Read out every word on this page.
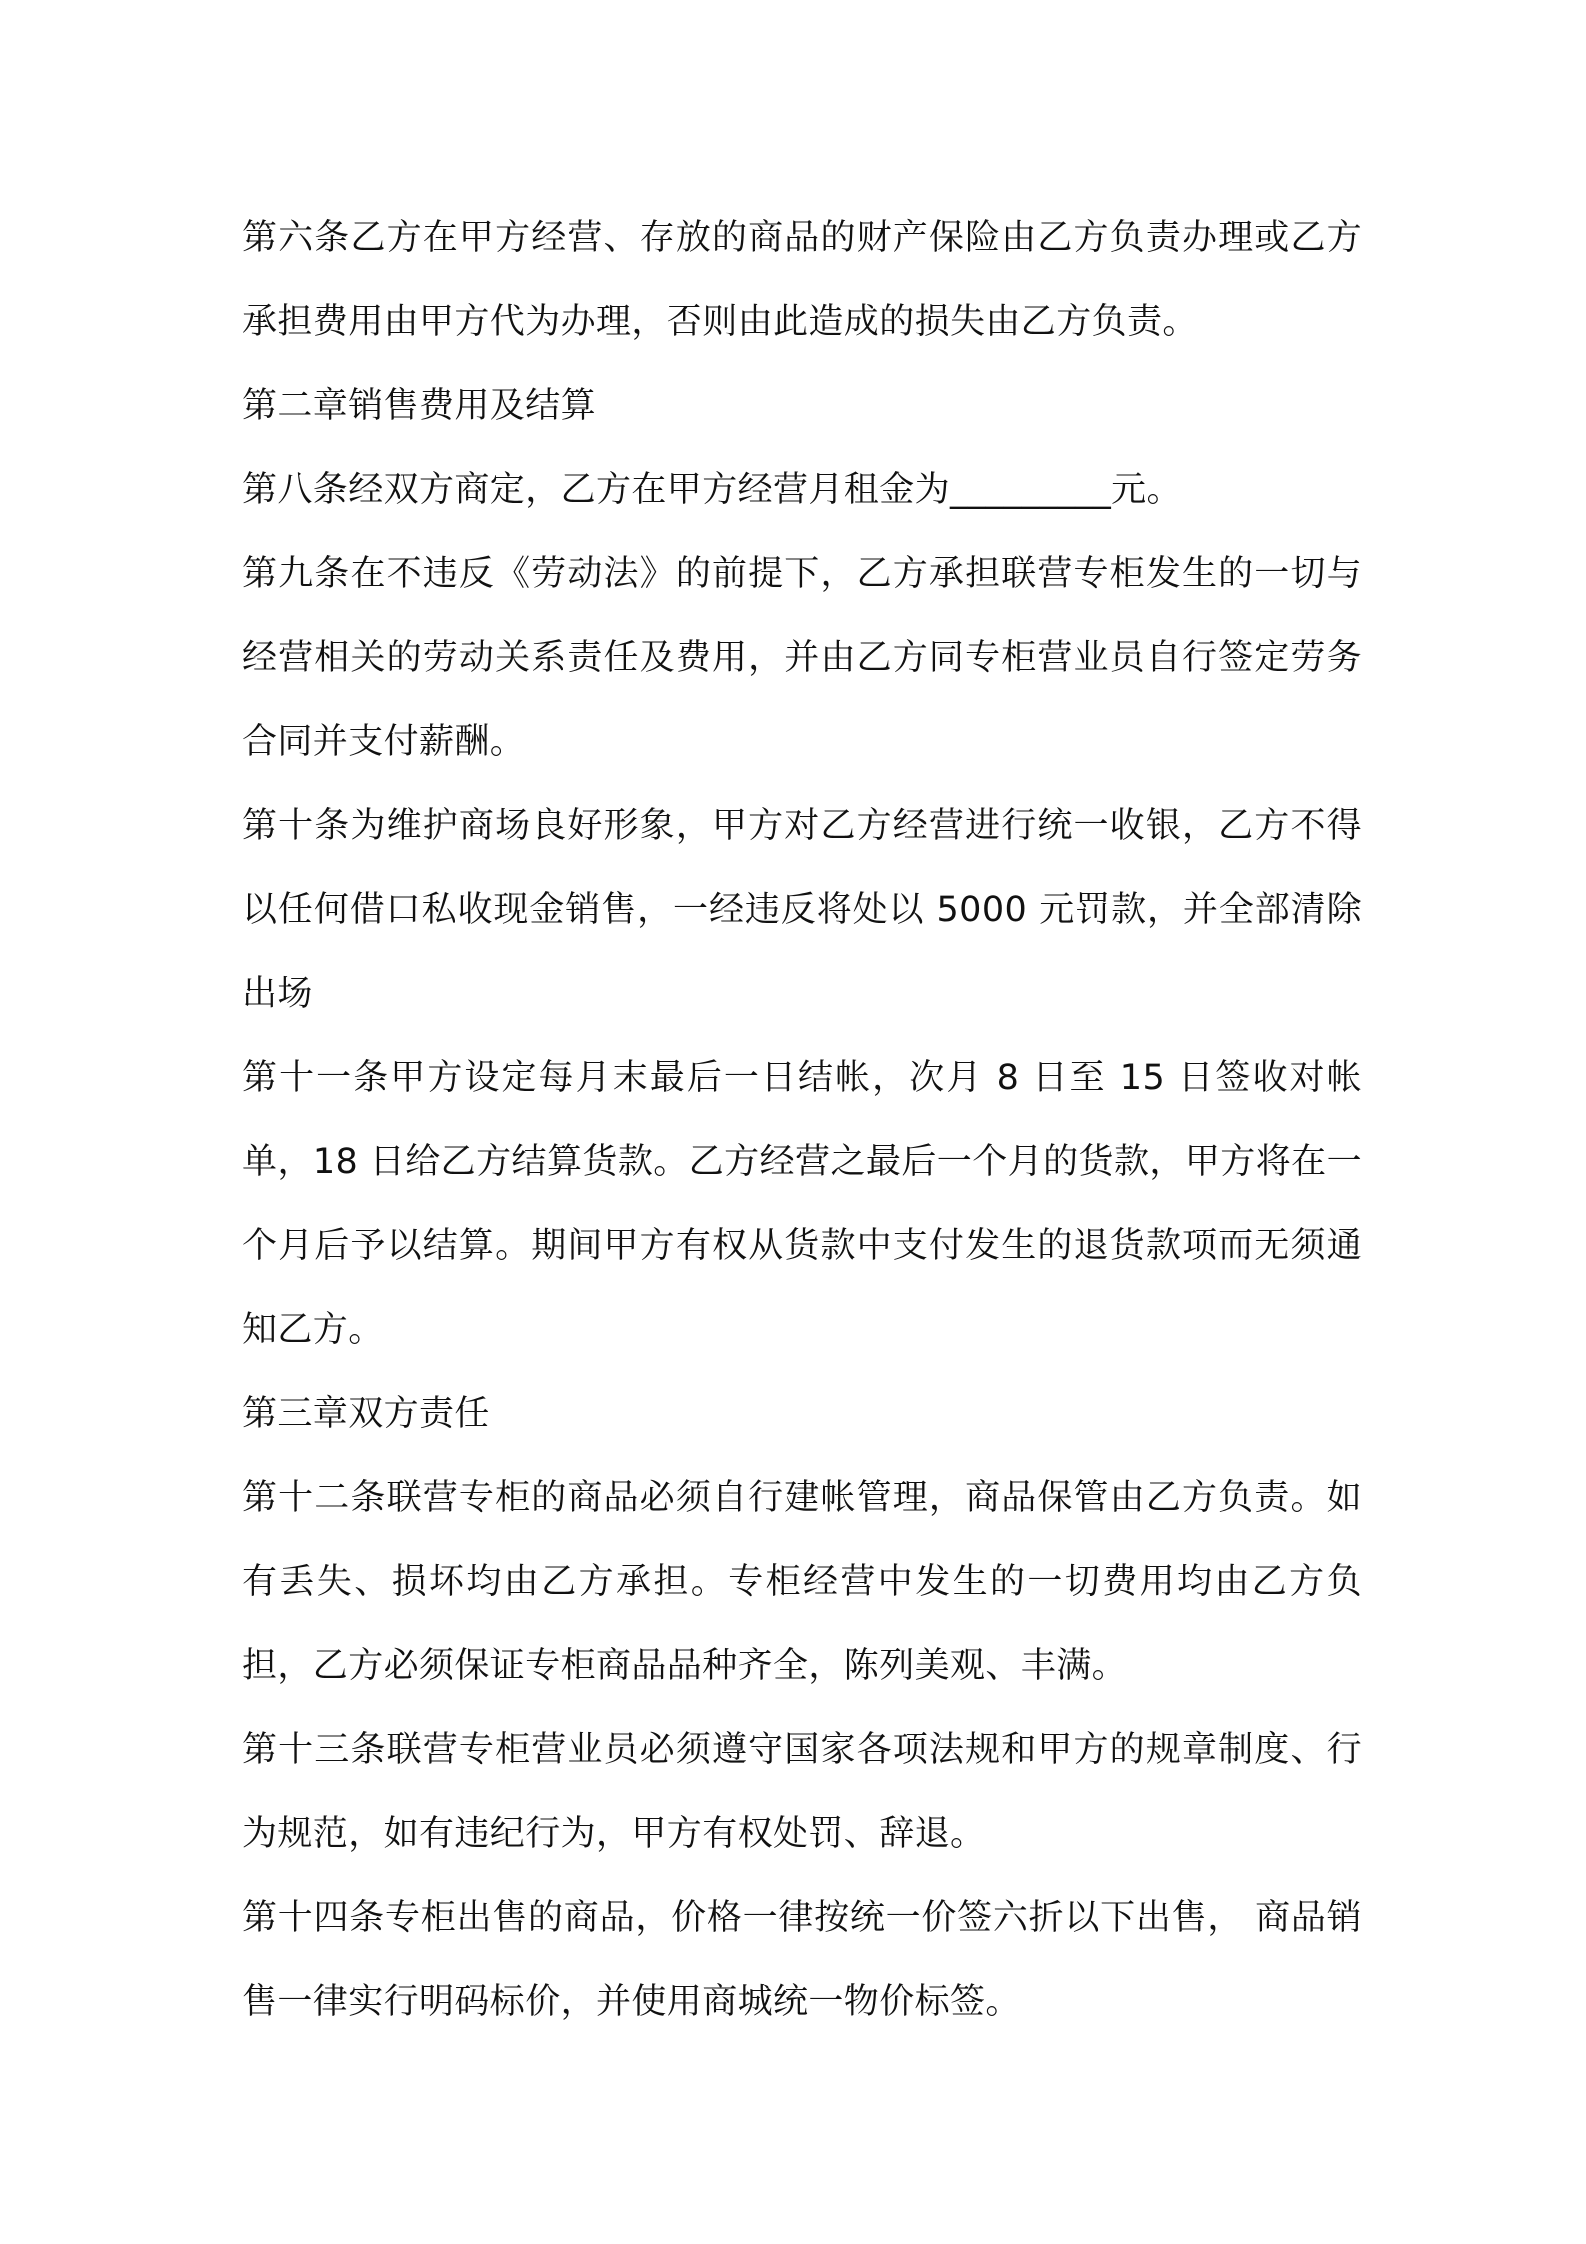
第六条乙方在甲方经营、存放的商品的财产保险由乙方负责办理或乙方承担费用由甲方代为办理，否则由此造成的损失由乙方负责。

第二章销售费用及结算

第八条经双方商定，乙方在甲方经营月租金为_________元。

第九条在不违反《劳动法》的前提下，乙方承担联营专柜发生的一切与经营相关的劳动关系责任及费用，并由乙方同专柜营业员自行签定劳务合同并支付薪酬。

第十条为维护商场良好形象，甲方对乙方经营进行统一收银，乙方不得以任何借口私收现金销售，一经违反将处以 5000 元罚款，并全部清除出场

第十一条甲方设定每月末最后一日结帐，次月 8 日至 15 日签收对帐单，18 日给乙方结算货款。乙方经营之最后一个月的货款，甲方将在一个月后予以结算。期间甲方有权从货款中支付发生的退货款项而无须通知乙方。

第三章双方责任

第十二条联营专柜的商品必须自行建帐管理，商品保管由乙方负责。如有丢失、损坏均由乙方承担。专柜经营中发生的一切费用均由乙方负担，乙方必须保证专柜商品品种齐全，陈列美观、丰满。

第十三条联营专柜营业员必须遵守国家各项法规和甲方的规章制度、行为规范，如有违纪行为，甲方有权处罚、辞退。

第十四条专柜出售的商品，价格一律按统一价签六折以下出售， 商品销售一律实行明码标价，并使用商城统一物价标签。
